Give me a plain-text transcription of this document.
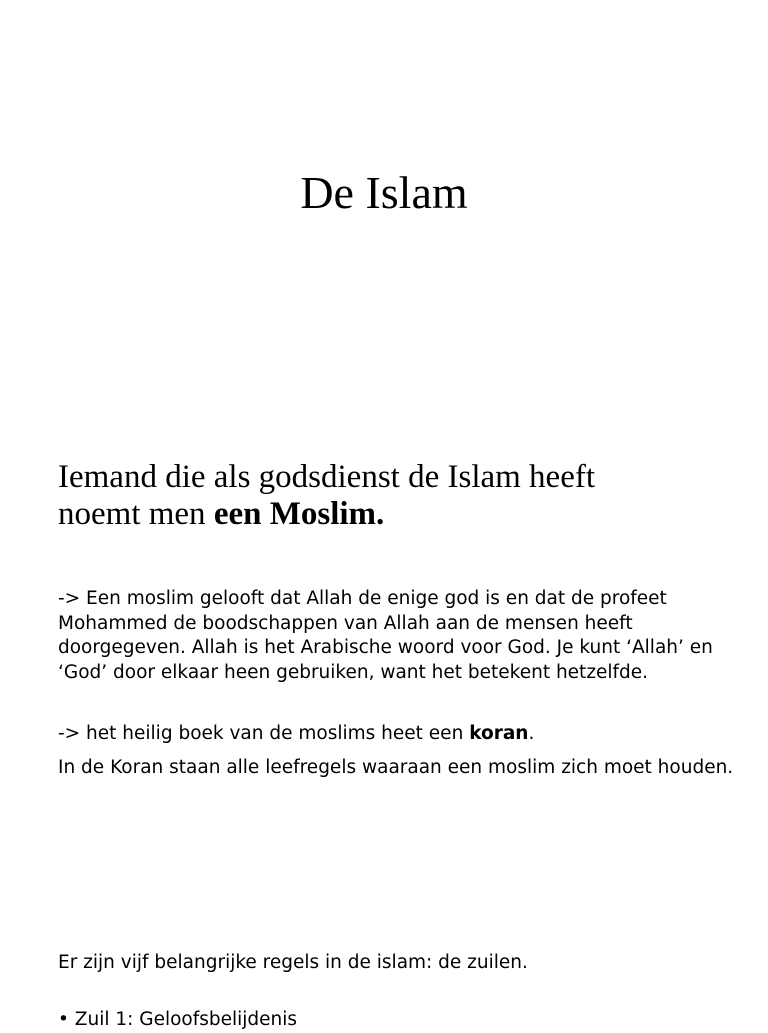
De Islam

Iemand die als godsdienst de Islam heeft
noemt men een Moslim.

-> Een moslim gelooft dat Allah de enige god is en dat de profeet Mohammed de boodschappen van Allah aan de mensen heeft doorgegeven. Allah is het Arabische woord voor God. Je kunt ‘Allah’ en ‘God’ door elkaar heen gebruiken, want het betekent hetzelfde.

-> het heilig boek van de moslims heet een koran.

In de Koran staan alle leefregels waaraan een moslim zich moet houden.

Er zijn vijf belangrijke regels in de islam: de zuilen.

• Zuil 1: Geloofsbelijdenis
